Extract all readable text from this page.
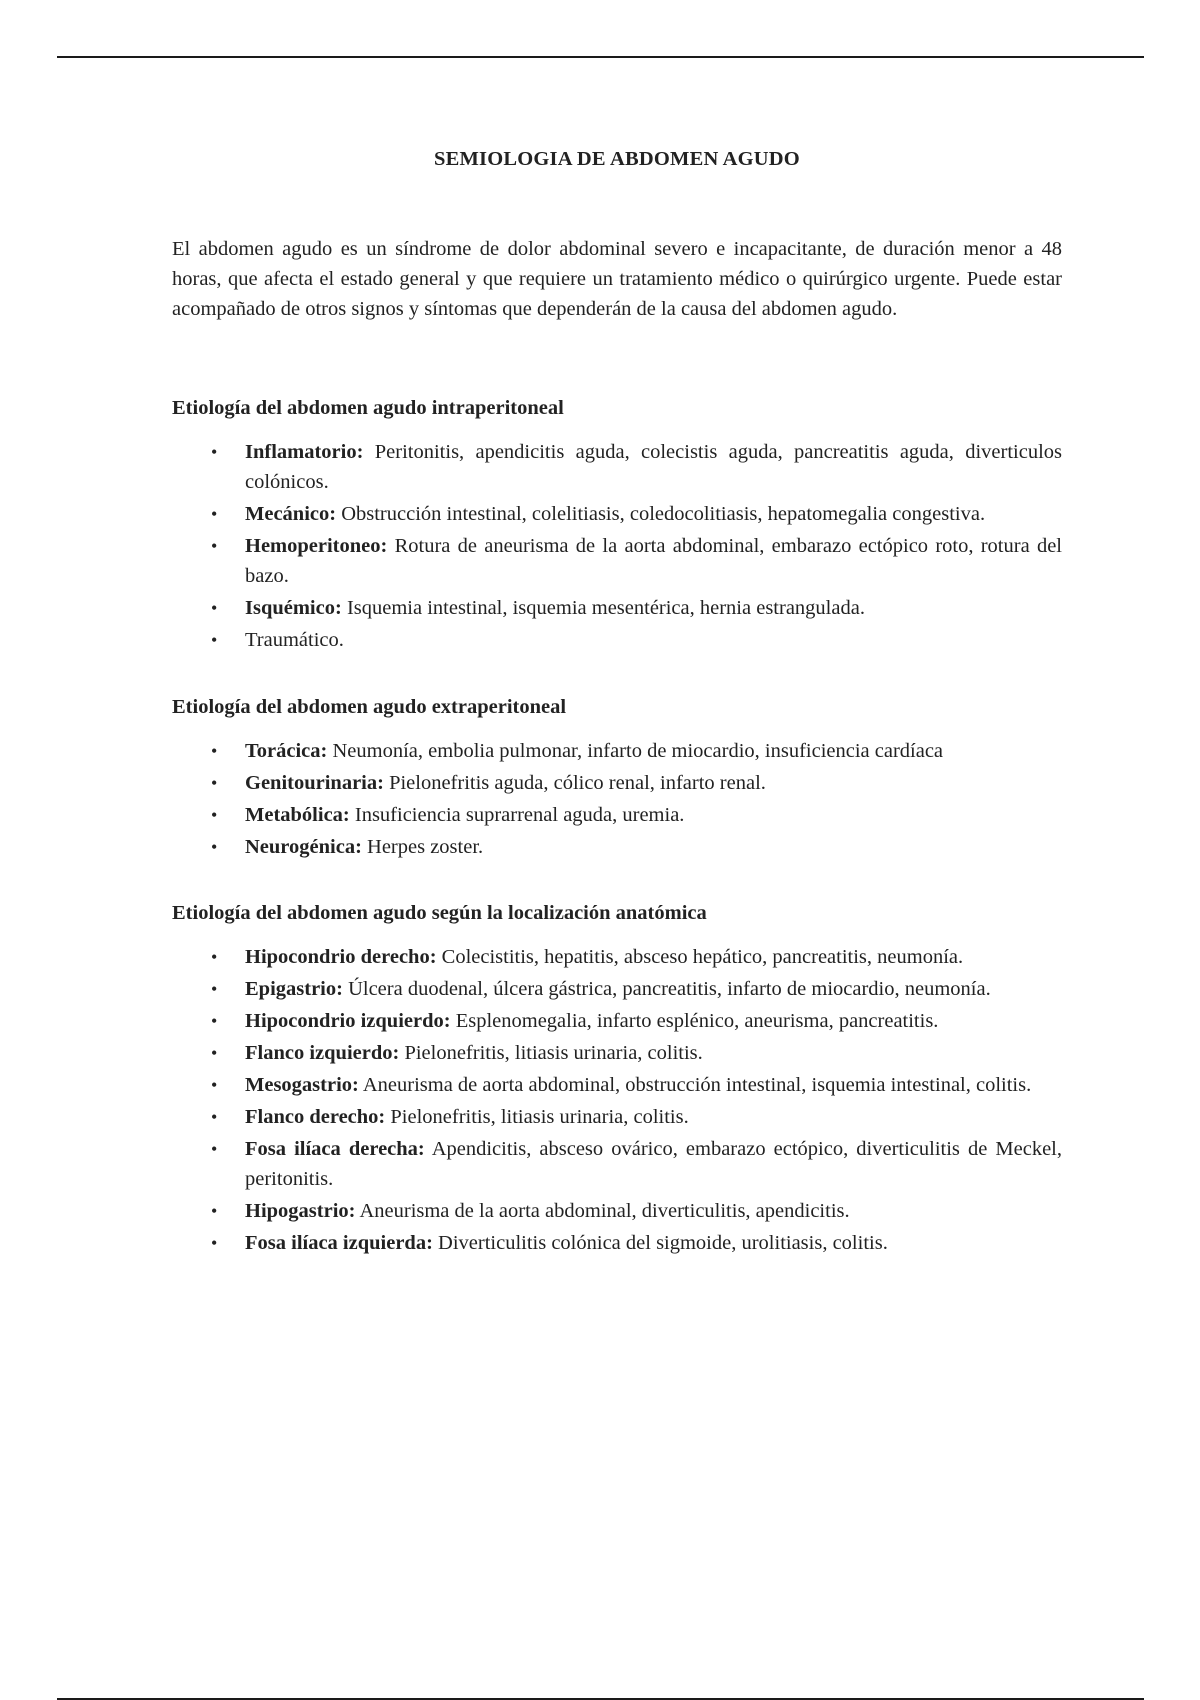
SEMIOLOGIA DE ABDOMEN AGUDO

El abdomen agudo es un síndrome de dolor abdominal severo e incapacitante, de duración menor a 48 horas, que afecta el estado general y que requiere un tratamiento médico o quirúrgico urgente. Puede estar acompañado de otros signos y síntomas que dependerán de la causa del abdomen agudo.

Etiología del abdomen agudo intraperitoneal

• Inflamatorio: Peritonitis, apendicitis aguda, colecistis aguda, pancreatitis aguda, diverticulos colónicos.
• Mecánico: Obstrucción intestinal, colelitiasis, coledocolitiasis, hepatomegalia congestiva.
• Hemoperitoneo: Rotura de aneurisma de la aorta abdominal, embarazo ectópico roto, rotura del bazo.
• Isquémico: Isquemia intestinal, isquemia mesentérica, hernia estrangulada.
• Traumático.

Etiología del abdomen agudo extraperitoneal

• Torácica: Neumonía, embolia pulmonar, infarto de miocardio, insuficiencia cardíaca
• Genitourinaria: Pielonefritis aguda, cólico renal, infarto renal.
• Metabólica: Insuficiencia suprarrenal aguda, uremia.
• Neurogénica: Herpes zoster.

Etiología del abdomen agudo según la localización anatómica

• Hipocondrio derecho: Colecistitis, hepatitis, absceso hepático, pancreatitis, neumonía.
• Epigastrio: Úlcera duodenal, úlcera gástrica, pancreatitis, infarto de miocardio, neumonía.
• Hipocondrio izquierdo: Esplenomegalia, infarto esplénico, aneurisma, pancreatitis.
• Flanco izquierdo: Pielonefritis, litiasis urinaria, colitis.
• Mesogastrio: Aneurisma de aorta abdominal, obstrucción intestinal, isquemia intestinal, colitis.
• Flanco derecho: Pielonefritis, litiasis urinaria, colitis.
• Fosa ilíaca derecha: Apendicitis, absceso ovárico, embarazo ectópico, diverticulitis de Meckel, peritonitis.
• Hipogastrio: Aneurisma de la aorta abdominal, diverticulitis, apendicitis.
• Fosa ilíaca izquierda: Diverticulitis colónica del sigmoide, urolitiasis, colitis.
